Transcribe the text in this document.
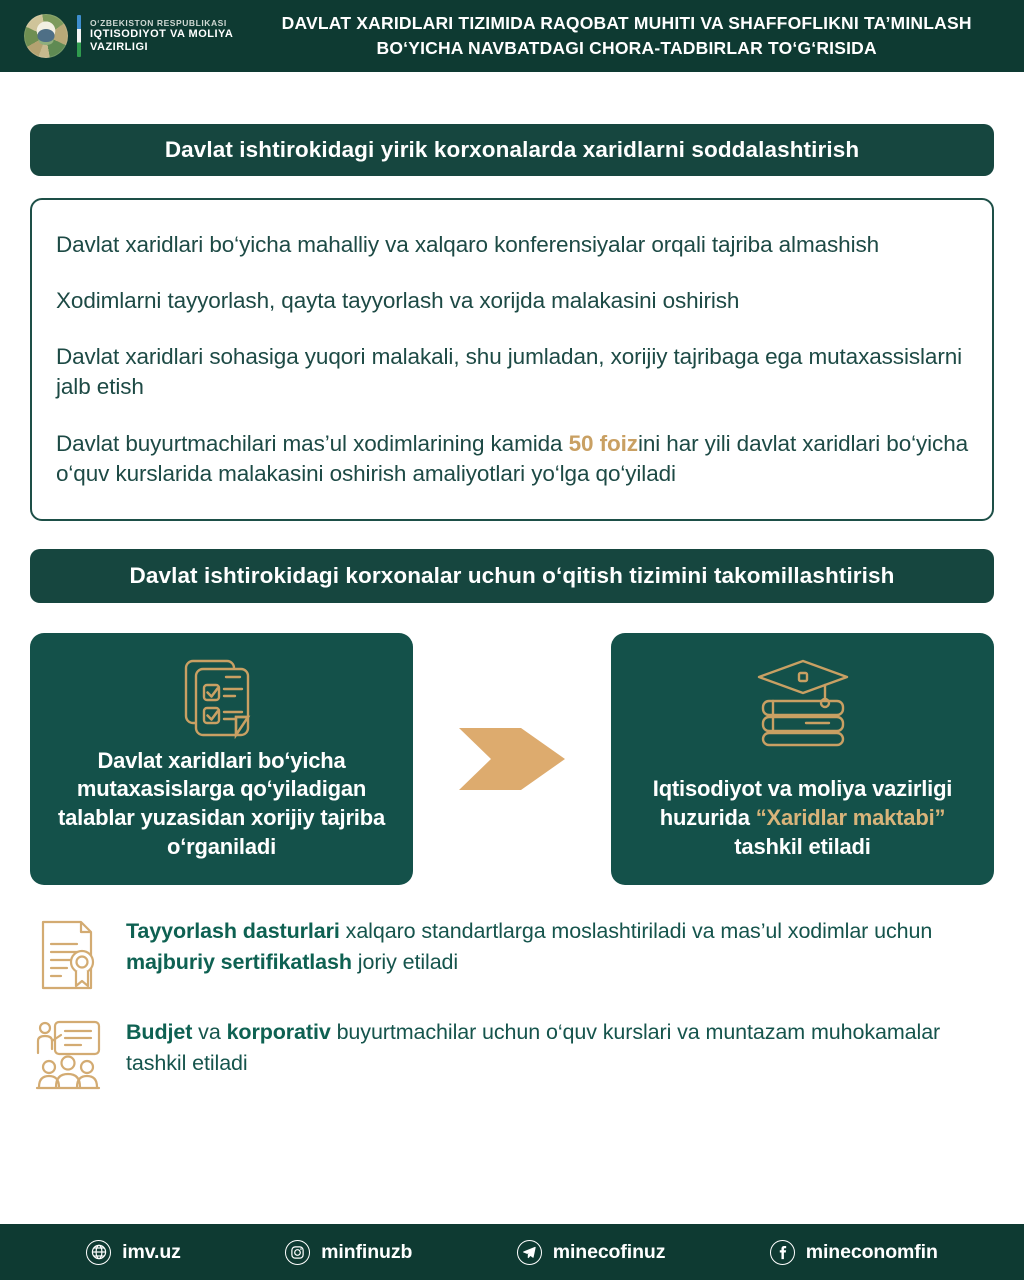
O‘ZBEKISTON RESPUBLIKASI
IQTISODIYOT VA MOLIYA
VAZIRLIGI
DAVLAT XARIDLARI TIZIMIDA RAQOBAT MUHITI VA SHAFFOFLIKNI TA’MINLASH BO‘YICHA NAVBATDAGI CHORA-TADBIRLAR TO‘G‘RISIDA
Davlat ishtirokidagi yirik korxonalarda xaridlarni soddalashtirish
Davlat xaridlari bo‘yicha mahalliy va xalqaro konferensiyalar orqali tajriba almashish
Xodimlarni tayyorlash, qayta tayyorlash va xorijda malakasini oshirish
Davlat xaridlari sohasiga yuqori malakali, shu jumladan, xorijiy tajribaga ega mutaxassislarni jalb etish
Davlat buyurtmachilari mas’ul xodimlarining kamida 50 foizini har yili davlat xaridlari bo‘yicha o‘quv kurslarida malakasini oshirish amaliyotlari yo‘lga qo‘yiladi
Davlat ishtirokidagi korxonalar uchun o‘qitish tizimini takomillashtirish
Davlat xaridlari bo‘yicha mutaxasislarga qo‘yiladigan talablar yuzasidan xorijiy tajriba o‘rganiladi
Iqtisodiyot va moliya vazirligi huzurida “Xaridlar maktabi” tashkil etiladi
Tayyorlash dasturlari xalqaro standartlarga moslashtiriladi va mas’ul xodimlar uchun majburiy sertifikatlash joriy etiladi
Budjet va korporativ buyurtmachilar uchun o‘quv kurslari va muntazam muhokamalar tashkil etiladi
imv.uz	minfinuzb	minecofinuz	mineconomfin
